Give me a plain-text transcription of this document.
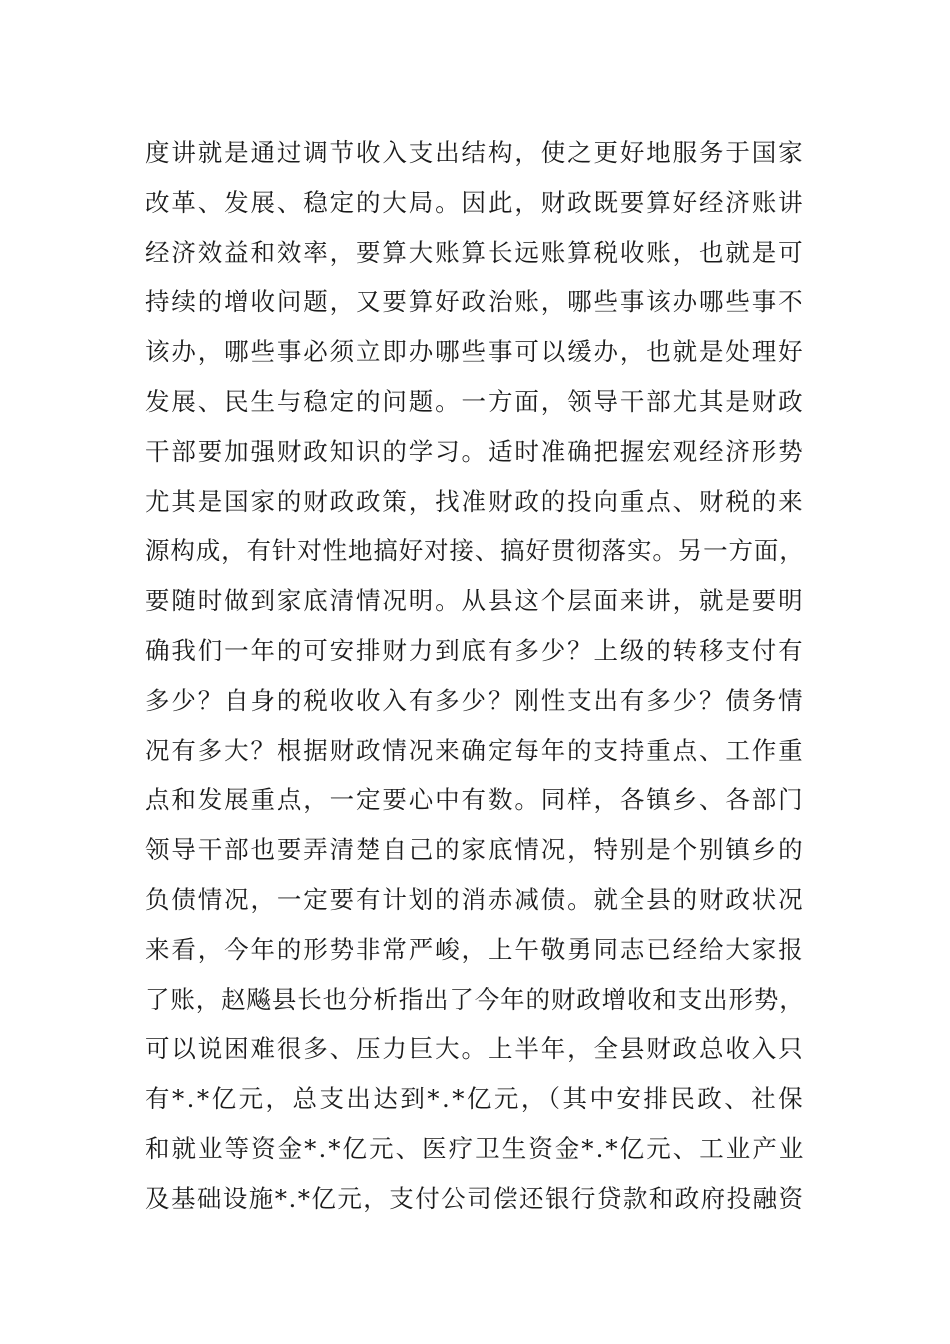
度讲就是通过调节收入支出结构，使之更好地服务于国家
改革、发展、稳定的大局。因此，财政既要算好经济账讲
经济效益和效率，要算大账算长远账算税收账，也就是可
持续的增收问题，又要算好政治账，哪些事该办哪些事不
该办，哪些事必须立即办哪些事可以缓办，也就是处理好
发展、民生与稳定的问题。一方面，领导干部尤其是财政
干部要加强财政知识的学习。适时准确把握宏观经济形势
尤其是国家的财政政策，找准财政的投向重点、财税的来
源构成，有针对性地搞好对接、搞好贯彻落实。另一方面，
要随时做到家底清情况明。从县这个层面来讲，就是要明
确我们一年的可安排财力到底有多少？上级的转移支付有
多少？自身的税收收入有多少？刚性支出有多少？债务情
况有多大？根据财政情况来确定每年的支持重点、工作重
点和发展重点，一定要心中有数。同样，各镇乡、各部门
领导干部也要弄清楚自己的家底情况，特别是个别镇乡的
负债情况，一定要有计划的消赤减债。就全县的财政状况
来看，今年的形势非常严峻，上午敬勇同志已经给大家报
了账，赵飚县长也分析指出了今年的财政增收和支出形势，
可以说困难很多、压力巨大。上半年，全县财政总收入只
有*.*亿元，总支出达到*.*亿元，（其中安排民政、社保
和就业等资金*.*亿元、医疗卫生资金*.*亿元、工业产业
及基础设施*.*亿元，支付公司偿还银行贷款和政府投融资
